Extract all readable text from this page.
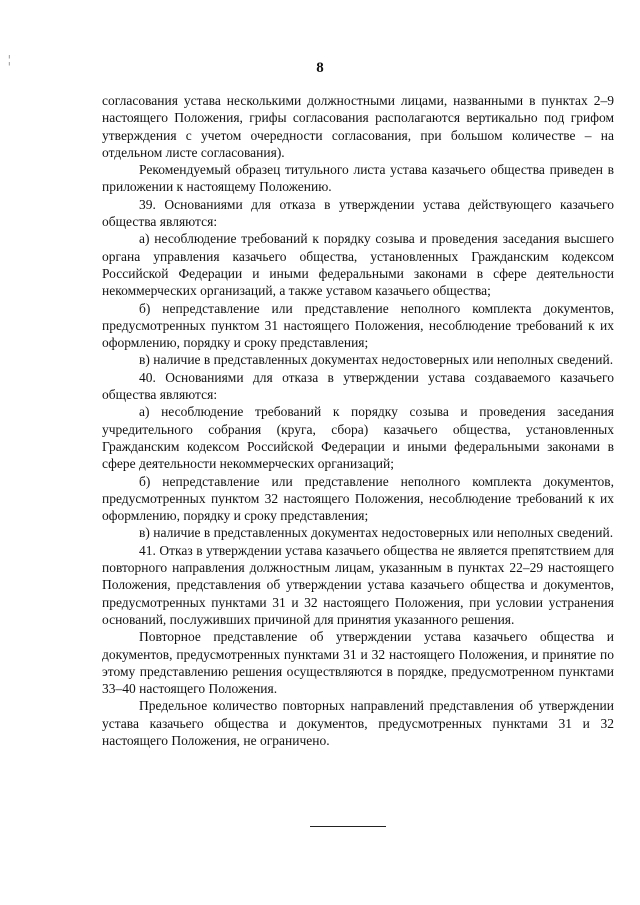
¦
8

согласования устава несколькими должностными лицами, названными в пунктах 2–9 настоящего Положения, грифы согласования располагаются вертикально под грифом утверждения с учетом очередности согласования, при большом количестве – на отдельном листе согласования).

Рекомендуемый образец титульного листа устава казачьего общества приведен в приложении к настоящему Положению.

39. Основаниями для отказа в утверждении устава действующего казачьего общества являются:

а) несоблюдение требований к порядку созыва и проведения заседания высшего органа управления казачьего общества, установленных Гражданским кодексом Российской Федерации и иными федеральными законами в сфере деятельности некоммерческих организаций, а также уставом казачьего общества;

б) непредставление или представление неполного комплекта документов, предусмотренных пунктом 31 настоящего Положения, несоблюдение требований к их оформлению, порядку и сроку представления;

в) наличие в представленных документах недостоверных или неполных сведений.

40. Основаниями для отказа в утверждении устава создаваемого казачьего общества являются:

а) несоблюдение требований к порядку созыва и проведения заседания учредительного собрания (круга, сбора) казачьего общества, установленных Гражданским кодексом Российской Федерации и иными федеральными законами в сфере деятельности некоммерческих организаций;

б) непредставление или представление неполного комплекта документов, предусмотренных пунктом 32 настоящего Положения, несоблюдение требований к их оформлению, порядку и сроку представления;

в) наличие в представленных документах недостоверных или неполных сведений.

41. Отказ в утверждении устава казачьего общества не является препятствием для повторного направления должностным лицам, указанным в пунктах 22–29 настоящего Положения, представления об утверждении устава казачьего общества и документов, предусмотренных пунктами 31 и 32 настоящего Положения, при условии устранения оснований, послуживших причиной для принятия указанного решения.

Повторное представление об утверждении устава казачьего общества и документов, предусмотренных пунктами 31 и 32 настоящего Положения, и принятие по этому представлению решения осуществляются в порядке, предусмотренном пунктами 33–40 настоящего Положения.

Предельное количество повторных направлений представления об утверждении устава казачьего общества и документов, предусмотренных пунктами 31 и 32 настоящего Положения, не ограничено.
